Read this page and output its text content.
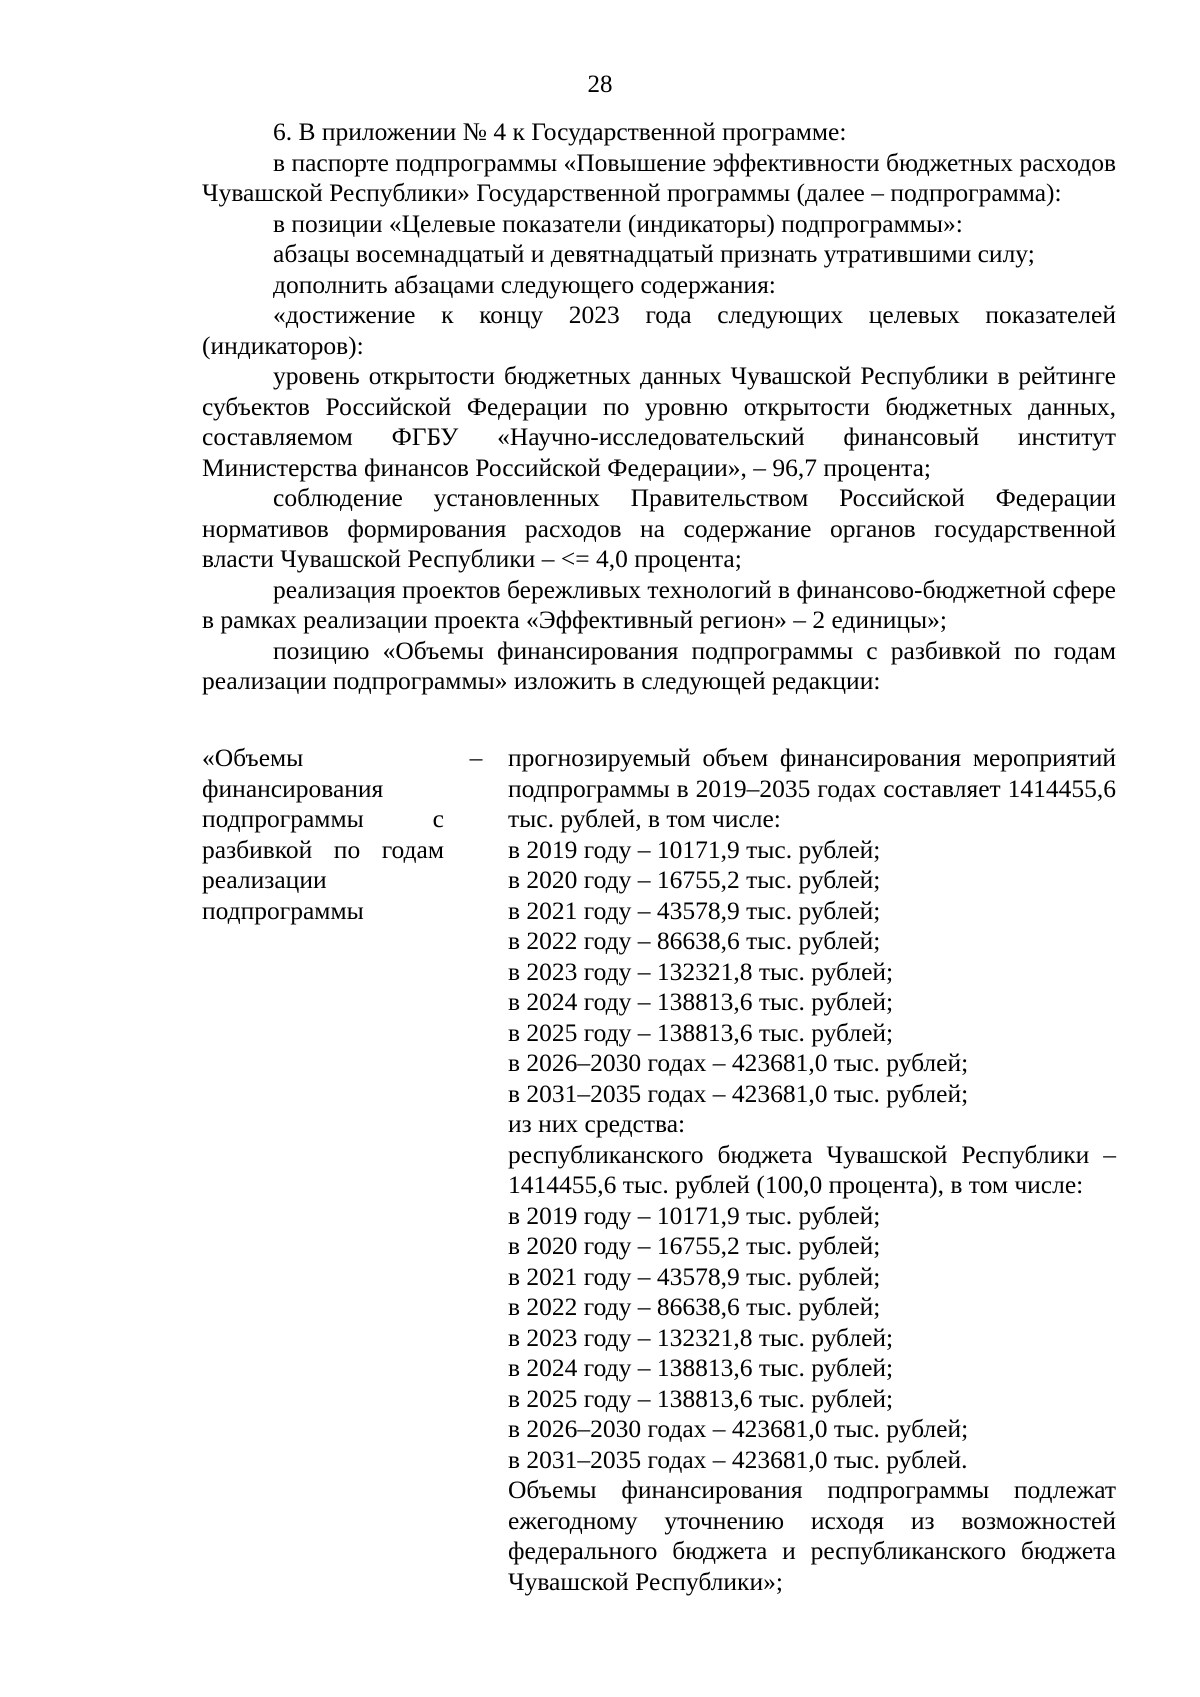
28

6. В приложении № 4 к Государственной программе:

в паспорте подпрограммы «Повышение эффективности бюджетных расходов Чувашской Республики» Государственной программы (далее – подпрограмма):

в позиции «Целевые показатели (индикаторы) подпрограммы»:

абзацы восемнадцатый и девятнадцатый признать утратившими силу;

дополнить абзацами следующего содержания:

«достижение к концу 2023 года следующих целевых показателей (индикаторов):

уровень открытости бюджетных данных Чувашской Республики в рейтинге субъектов Российской Федерации по уровню открытости бюджетных данных, составляемом ФГБУ «Научно-исследовательский финансовый институт Министерства финансов Российской Федерации», – 96,7 процента;

соблюдение установленных Правительством Российской Федерации нормативов формирования расходов на содержание органов государственной власти Чувашской Республики – <= 4,0 процента;

реализация проектов бережливых технологий в финансово-бюджетной сфере в рамках реализации проекта «Эффективный регион» – 2 единицы»;

позицию «Объемы финансирования подпрограммы с разбивкой по годам реализации подпрограммы» изложить в следующей редакции:

«Объемы финансирования подпрограммы с разбивкой по годам реализации подпрограммы
–	прогнозируемый объем финансирования мероприятий подпрограммы в 2019–2035 годах составляет 1414455,6 тыс. рублей, в том числе:
в 2019 году – 10171,9 тыс. рублей;
в 2020 году – 16755,2 тыс. рублей;
в 2021 году – 43578,9 тыс. рублей;
в 2022 году – 86638,6 тыс. рублей;
в 2023 году – 132321,8 тыс. рублей;
в 2024 году – 138813,6 тыс. рублей;
в 2025 году – 138813,6 тыс. рублей;
в 2026–2030 годах – 423681,0 тыс. рублей;
в 2031–2035 годах – 423681,0 тыс. рублей;
из них средства:
республиканского бюджета Чувашской Республики – 1414455,6 тыс. рублей (100,0 процента), в том числе:
в 2019 году – 10171,9 тыс. рублей;
в 2020 году – 16755,2 тыс. рублей;
в 2021 году – 43578,9 тыс. рублей;
в 2022 году – 86638,6 тыс. рублей;
в 2023 году – 132321,8 тыс. рублей;
в 2024 году – 138813,6 тыс. рублей;
в 2025 году – 138813,6 тыс. рублей;
в 2026–2030 годах – 423681,0 тыс. рублей;
в 2031–2035 годах – 423681,0 тыс. рублей.
Объемы финансирования подпрограммы подлежат ежегодному уточнению исходя из возможностей федерального бюджета и республиканского бюджета Чувашской Республики»;
